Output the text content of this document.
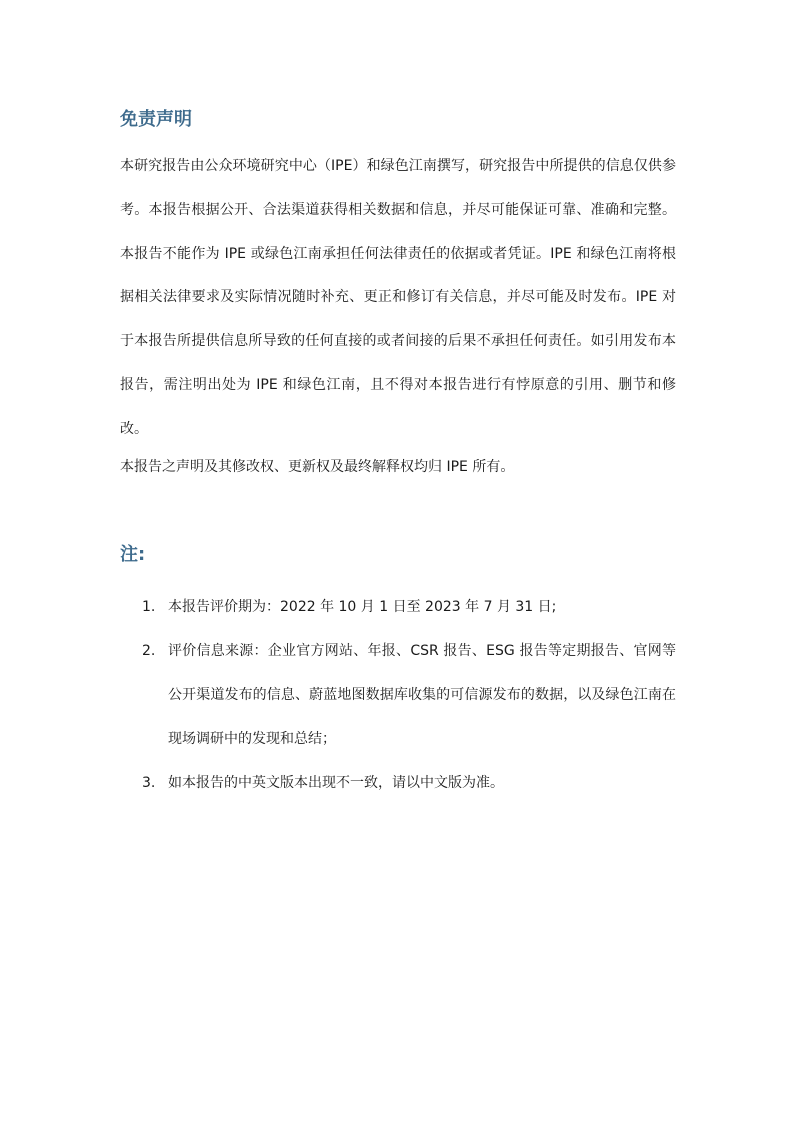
免责声明

本研究报告由公众环境研究中心（IPE）和绿色江南撰写，研究报告中所提供的信息仅供参考。本报告根据公开、合法渠道获得相关数据和信息，并尽可能保证可靠、准确和完整。本报告不能作为 IPE 或绿色江南承担任何法律责任的依据或者凭证。IPE 和绿色江南将根据相关法律要求及实际情况随时补充、更正和修订有关信息，并尽可能及时发布。IPE 对于本报告所提供信息所导致的任何直接的或者间接的后果不承担任何责任。如引用发布本报告，需注明出处为 IPE 和绿色江南，且不得对本报告进行有悖原意的引用、删节和修改。

本报告之声明及其修改权、更新权及最终解释权均归 IPE 所有。

注:
1. 本报告评价期为：2022 年 10 月 1 日至 2023 年 7 月 31 日;
2. 评价信息来源：企业官方网站、年报、CSR 报告、ESG 报告等定期报告、官网等公开渠道发布的信息、蔚蓝地图数据库收集的可信源发布的数据，以及绿色江南在现场调研中的发现和总结；
3. 如本报告的中英文版本出现不一致，请以中文版为准。
